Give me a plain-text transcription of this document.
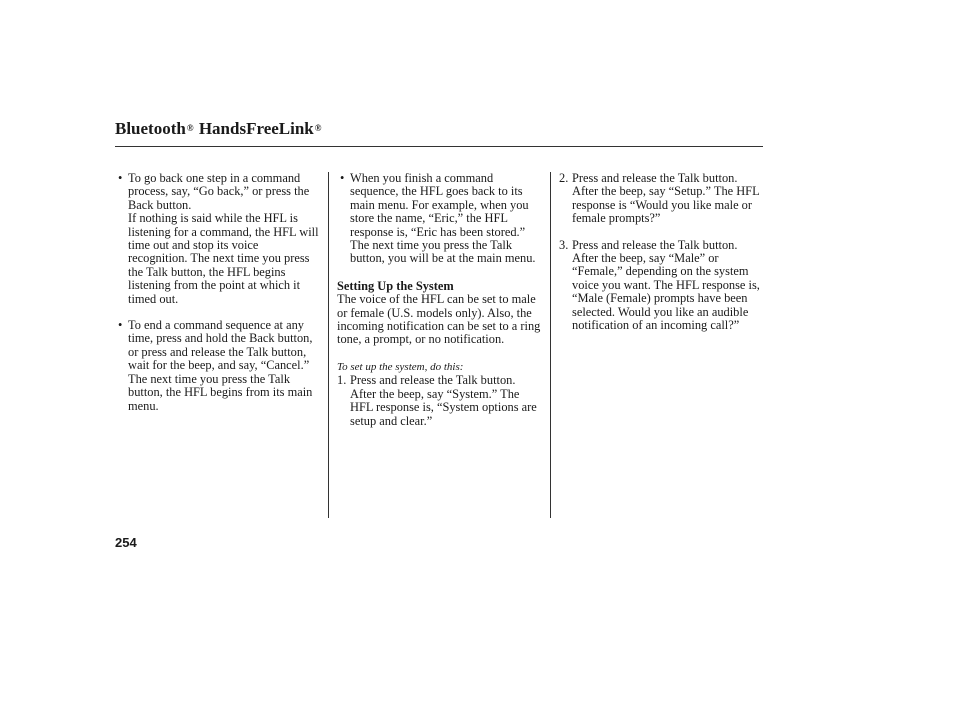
Bluetooth® HandsFreeLink®
• To go back one step in a command process, say, “Go back,” or press the Back button.

If nothing is said while the HFL is listening for a command, the HFL will time out and stop its voice recognition. The next time you press the Talk button, the HFL begins listening from the point at which it timed out.

• To end a command sequence at any time, press and hold the Back button, or press and release the Talk button, wait for the beep, and say, “Cancel.” The next time you press the Talk button, the HFL begins from its main menu.

• When you finish a command sequence, the HFL goes back to its main menu. For example, when you store the name, “Eric,” the HFL response is, “Eric has been stored.” The next time you press the Talk button, you will be at the main menu.

Setting Up the System

The voice of the HFL can be set to male or female (U.S. models only). Also, the incoming notification can be set to a ring tone, a prompt, or no notification.

To set up the system, do this:

1. Press and release the Talk button. After the beep, say “System.” The HFL response is, “System options are setup and clear.”

2. Press and release the Talk button. After the beep, say “Setup.” The HFL response is “Would you like male or female prompts?”

3. Press and release the Talk button. After the beep, say “Male” or “Female,” depending on the system voice you want. The HFL response is, “Male (Female) prompts have been selected. Would you like an audible notification of an incoming call?”

254
